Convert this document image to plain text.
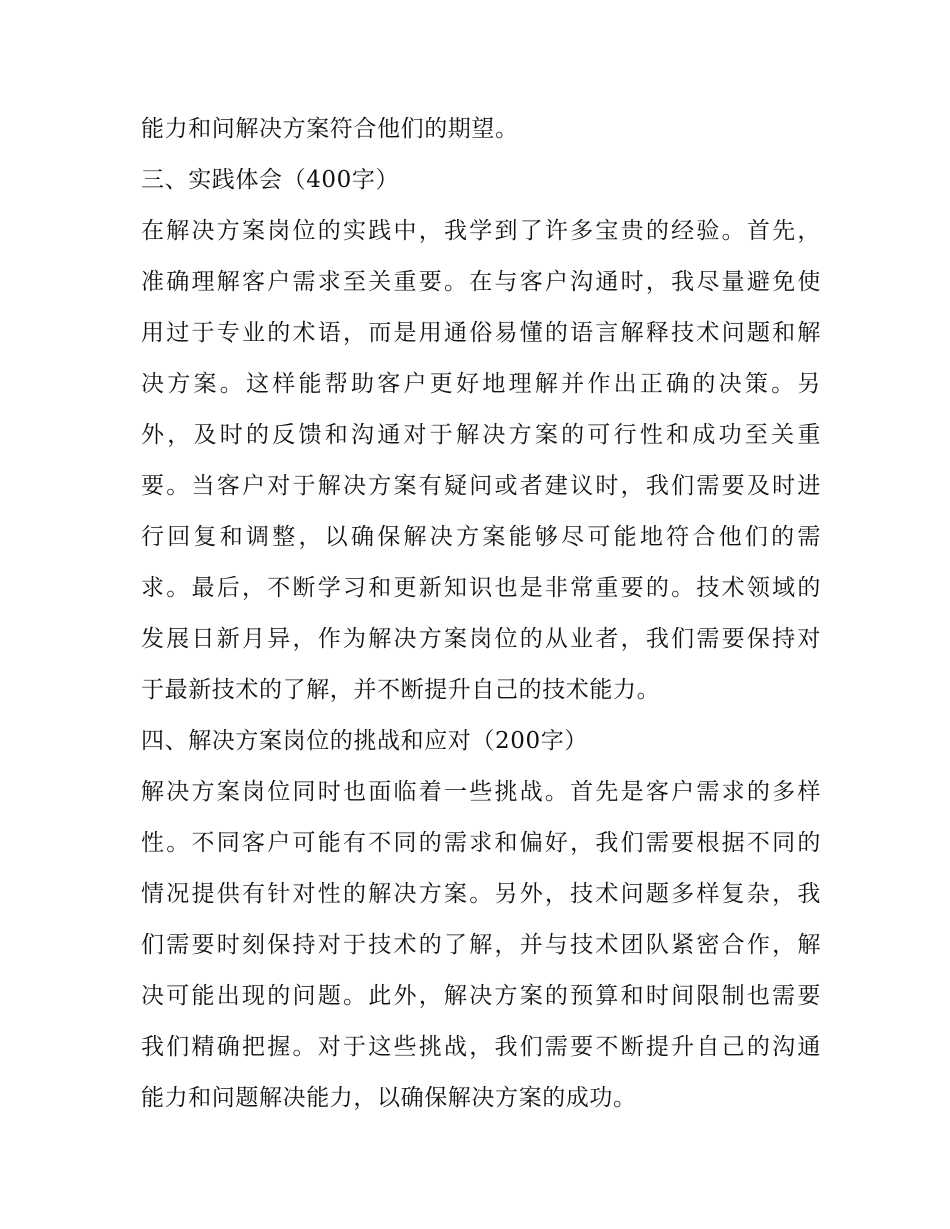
能力和问解决方案符合他们的期望。
三、实践体会（400字）
在解决方案岗位的实践中，我学到了许多宝贵的经验。首先，
准确理解客户需求至关重要。在与客户沟通时，我尽量避免使
用过于专业的术语，而是用通俗易懂的语言解释技术问题和解
决方案。这样能帮助客户更好地理解并作出正确的决策。另
外，及时的反馈和沟通对于解决方案的可行性和成功至关重
要。当客户对于解决方案有疑问或者建议时，我们需要及时进
行回复和调整，以确保解决方案能够尽可能地符合他们的需
求。最后，不断学习和更新知识也是非常重要的。技术领域的
发展日新月异，作为解决方案岗位的从业者，我们需要保持对
于最新技术的了解，并不断提升自己的技术能力。
四、解决方案岗位的挑战和应对（200字）
解决方案岗位同时也面临着一些挑战。首先是客户需求的多样
性。不同客户可能有不同的需求和偏好，我们需要根据不同的
情况提供有针对性的解决方案。另外，技术问题多样复杂，我
们需要时刻保持对于技术的了解，并与技术团队紧密合作，解
决可能出现的问题。此外，解决方案的预算和时间限制也需要
我们精确把握。对于这些挑战，我们需要不断提升自己的沟通
能力和问题解决能力，以确保解决方案的成功。
